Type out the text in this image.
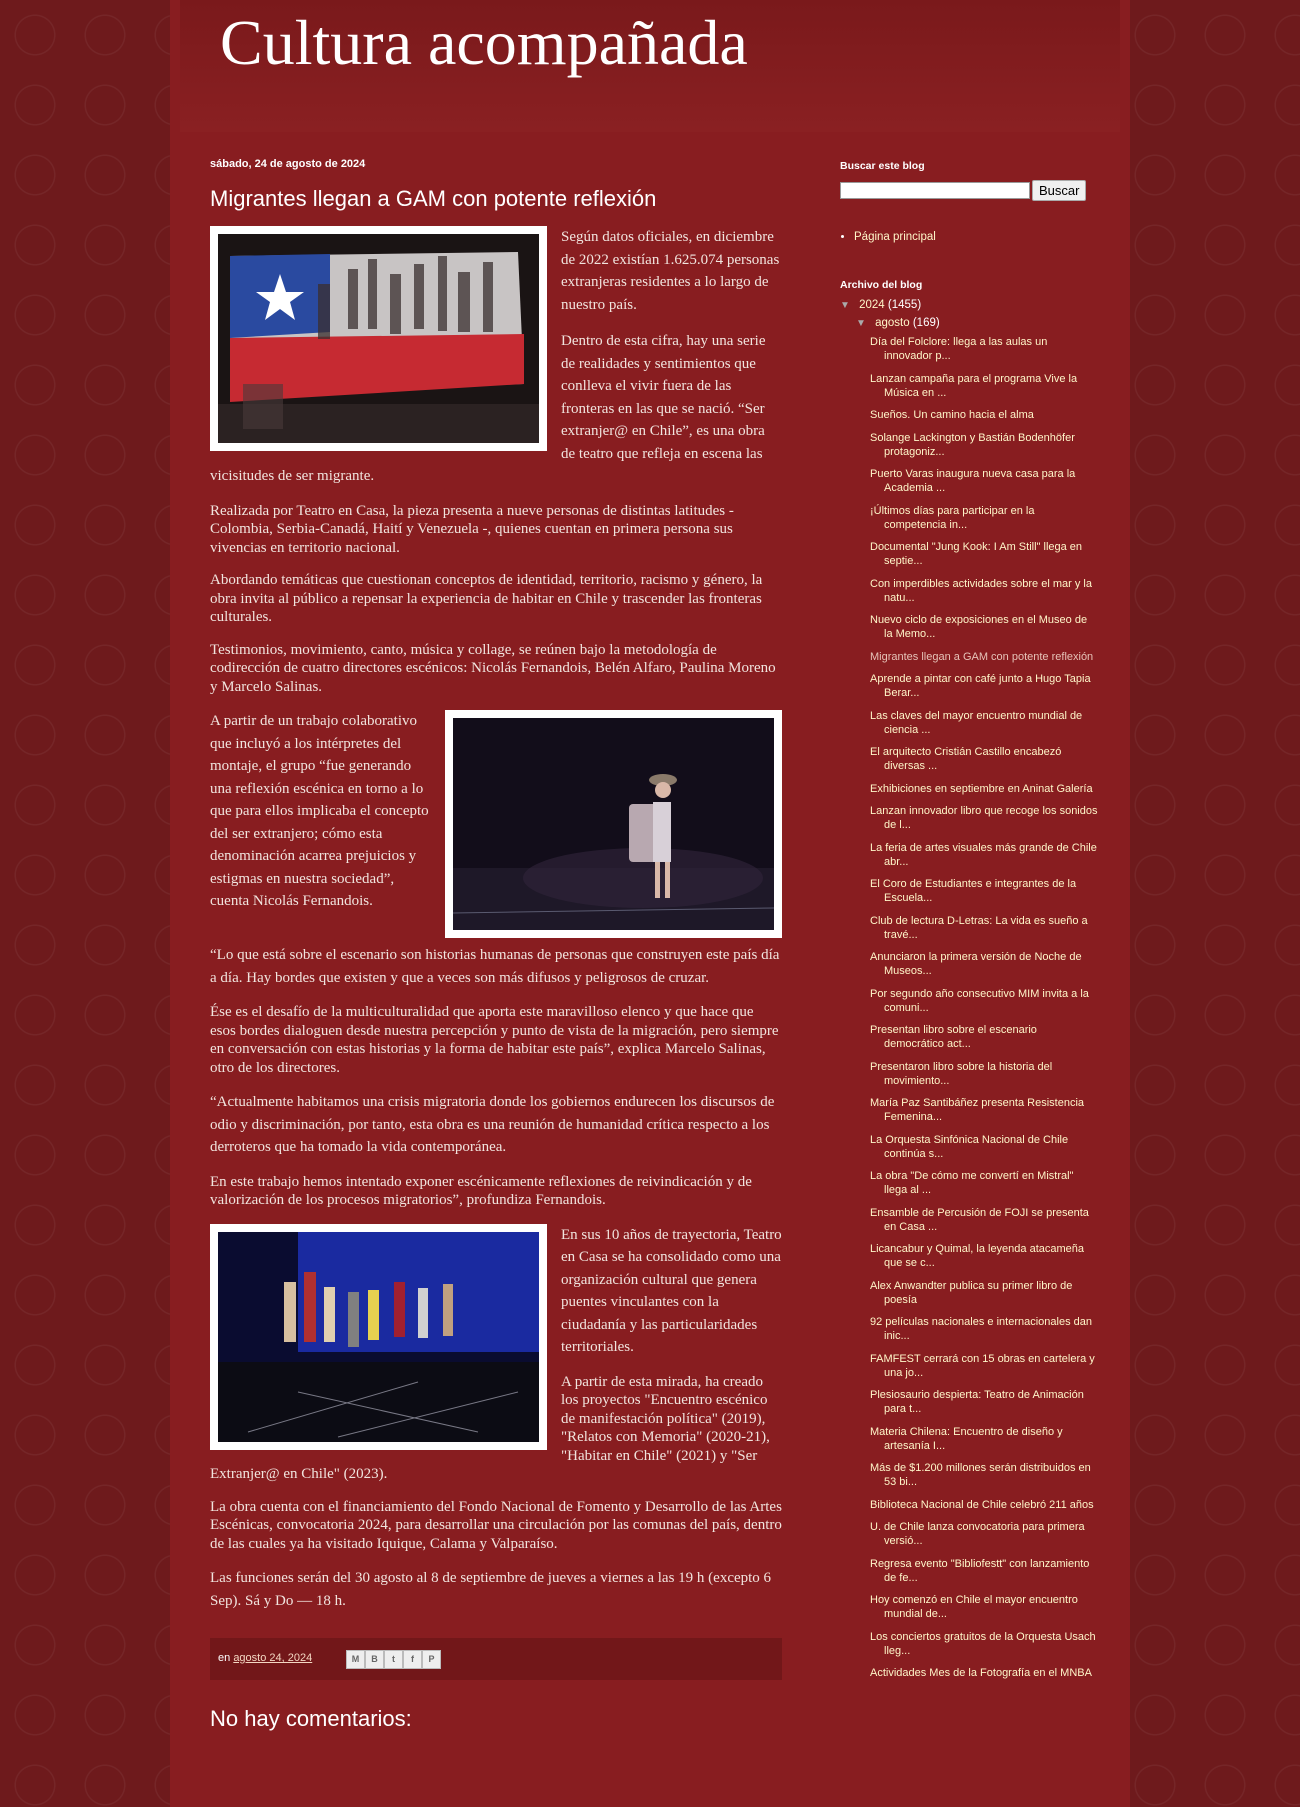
Cultura acompañada
sábado, 24 de agosto de 2024
Migrantes llegan a GAM con potente reflexión

Según datos oficiales, en diciembre de 2022 existían 1.625.074 personas extranjeras residentes a lo largo de nuestro país.

Dentro de esta cifra, hay una serie de realidades y sentimientos que conlleva el vivir fuera de las fronteras en las que se nació. “Ser extranjer@ en Chile”, es una obra de teatro que refleja en escena las vicisitudes de ser migrante.

Realizada por Teatro en Casa, la pieza presenta a nueve personas de distintas latitudes - Colombia, Serbia-Canadá, Haití y Venezuela -, quienes cuentan en primera persona sus vivencias en territorio nacional.

Abordando temáticas que cuestionan conceptos de identidad, territorio, racismo y género, la obra invita al público a repensar la experiencia de habitar en Chile y trascender las fronteras culturales.

Testimonios, movimiento, canto, música y collage, se reúnen bajo la metodología de codirección de cuatro directores escénicos: Nicolás Fernandois, Belén Alfaro, Paulina Moreno y Marcelo Salinas.

A partir de un trabajo colaborativo que incluyó a los intérpretes del montaje, el grupo “fue generando una reflexión escénica en torno a lo que para ellos implicaba el concepto del ser extranjero; cómo esta denominación acarrea prejuicios y estigmas en nuestra sociedad”, cuenta Nicolás Fernandois.

“Lo que está sobre el escenario son historias humanas de personas que construyen este país día a día. Hay bordes que existen y que a veces son más difusos y peligrosos de cruzar.

Ése es el desafío de la multiculturalidad que aporta este maravilloso elenco y que hace que esos bordes dialoguen desde nuestra percepción y punto de vista de la migración, pero siempre en conversación con estas historias y la forma de habitar este país”, explica Marcelo Salinas, otro de los directores.

“Actualmente habitamos una crisis migratoria donde los gobiernos endurecen los discursos de odio y discriminación, por tanto, esta obra es una reunión de humanidad crítica respecto a los derroteros que ha tomado la vida contemporánea.

En este trabajo hemos intentado exponer escénicamente reflexiones de reivindicación y de valorización de los procesos migratorios”, profundiza Fernandois.

En sus 10 años de trayectoria, Teatro en Casa se ha consolidado como una organización cultural que genera puentes vinculantes con la ciudadanía y las particularidades territoriales.

A partir de esta mirada, ha creado los proyectos "Encuentro escénico de manifestación política" (2019), "Relatos con Memoria" (2020-21), "Habitar en Chile" (2021) y "Ser Extranjer@ en Chile" (2023).

La obra cuenta con el financiamiento del Fondo Nacional de Fomento y Desarrollo de las Artes Escénicas, convocatoria 2024, para desarrollar una circulación por las comunas del país, dentro de las cuales ya ha visitado Iquique, Calama y Valparaíso.

Las funciones serán del 30 agosto al 8 de septiembre de jueves a viernes a las 19 h (excepto 6 Sep). Sá y Do — 18 h.

en agosto 24, 2024	M	B	t	f	P
No hay comentarios:
Buscar este blog
Buscar
• Página principal
Archivo del blog
▼ 2024 (1455)
▼ agosto (169)
Día del Folclore: llega a las aulas un innovador p...
Lanzan campaña para el programa Vive la Música en ...
Sueños. Un camino hacia el alma
Solange Lackington y Bastián Bodenhöfer protagoniz...
Puerto Varas inaugura nueva casa para la Academia ...
¡Últimos días para participar en la competencia in...
Documental "Jung Kook: I Am Still" llega en septie...
Con imperdibles actividades sobre el mar y la natu...
Nuevo ciclo de exposiciones en el Museo de la Memo...
Migrantes llegan a GAM con potente reflexión
Aprende a pintar con café junto a Hugo Tapia Berar...
Las claves del mayor encuentro mundial de ciencia ...
El arquitecto Cristián Castillo encabezó diversas ...
Exhibiciones en septiembre en Aninat Galería
Lanzan innovador libro que recoge los sonidos de l...
La feria de artes visuales más grande de Chile abr...
El Coro de Estudiantes e integrantes de la Escuela...
Club de lectura D-Letras: La vida es sueño a travé...
Anunciaron la primera versión de Noche de Museos...
Por segundo año consecutivo MIM invita a la comuni...
Presentan libro sobre el escenario democrático act...
Presentaron libro sobre la historia del movimiento...
María Paz Santibáñez presenta Resistencia Femenina...
La Orquesta Sinfónica Nacional de Chile continúa s...
La obra "De cómo me convertí en Mistral" llega al ...
Ensamble de Percusión de FOJI se presenta en Casa ...
Licancabur y Quimal, la leyenda atacameña que se c...
Alex Anwandter publica su primer libro de poesía
92 películas nacionales e internacionales dan inic...
FAMFEST cerrará con 15 obras en cartelera y una jo...
Plesiosaurio despierta: Teatro de Animación para t...
Materia Chilena: Encuentro de diseño y artesanía I...
Más de $1.200 millones serán distribuidos en 53 bi...
Biblioteca Nacional de Chile celebró 211 años
U. de Chile lanza convocatoria para primera versió...
Regresa evento "Bibliofestt" con lanzamiento de fe...
Hoy comenzó en Chile el mayor encuentro mundial de...
Los conciertos gratuitos de la Orquesta Usach lleg...
Actividades Mes de la Fotografía en el MNBA
